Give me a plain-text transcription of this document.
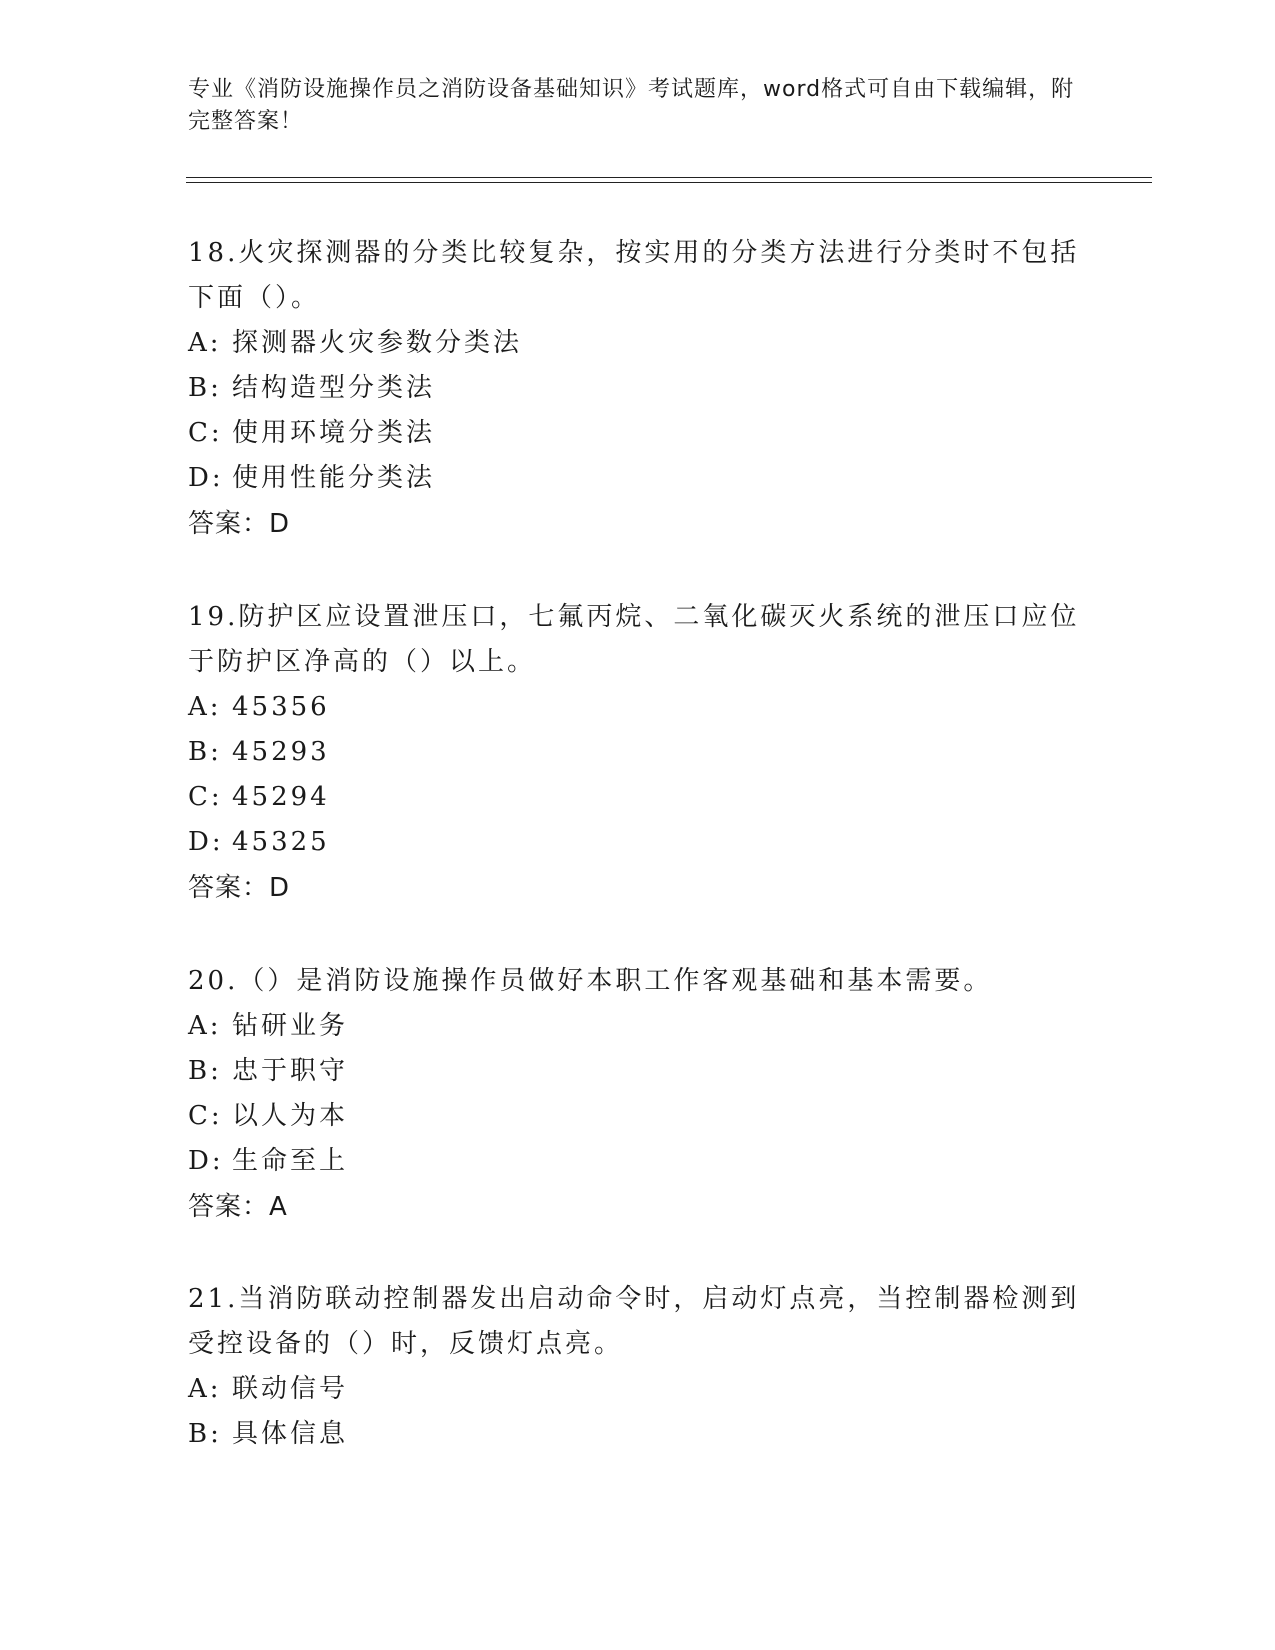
专业《消防设施操作员之消防设备基础知识》考试题库，word格式可自由下载编辑，附完整答案！

18.火灾探测器的分类比较复杂，按实用的分类方法进行分类时不包括下面（）。

A: 探测器火灾参数分类法

B: 结构造型分类法

C: 使用环境分类法

D: 使用性能分类法

答案：D

19.防护区应设置泄压口，七氟丙烷、二氧化碳灭火系统的泄压口应位于防护区净高的（）以上。

A: 45356

B: 45293

C: 45294

D: 45325

答案：D

20.（）是消防设施操作员做好本职工作客观基础和基本需要。

A: 钻研业务

B: 忠于职守

C: 以人为本

D: 生命至上

答案：A

21.当消防联动控制器发出启动命令时，启动灯点亮，当控制器检测到受控设备的（）时，反馈灯点亮。

A: 联动信号

B: 具体信息
